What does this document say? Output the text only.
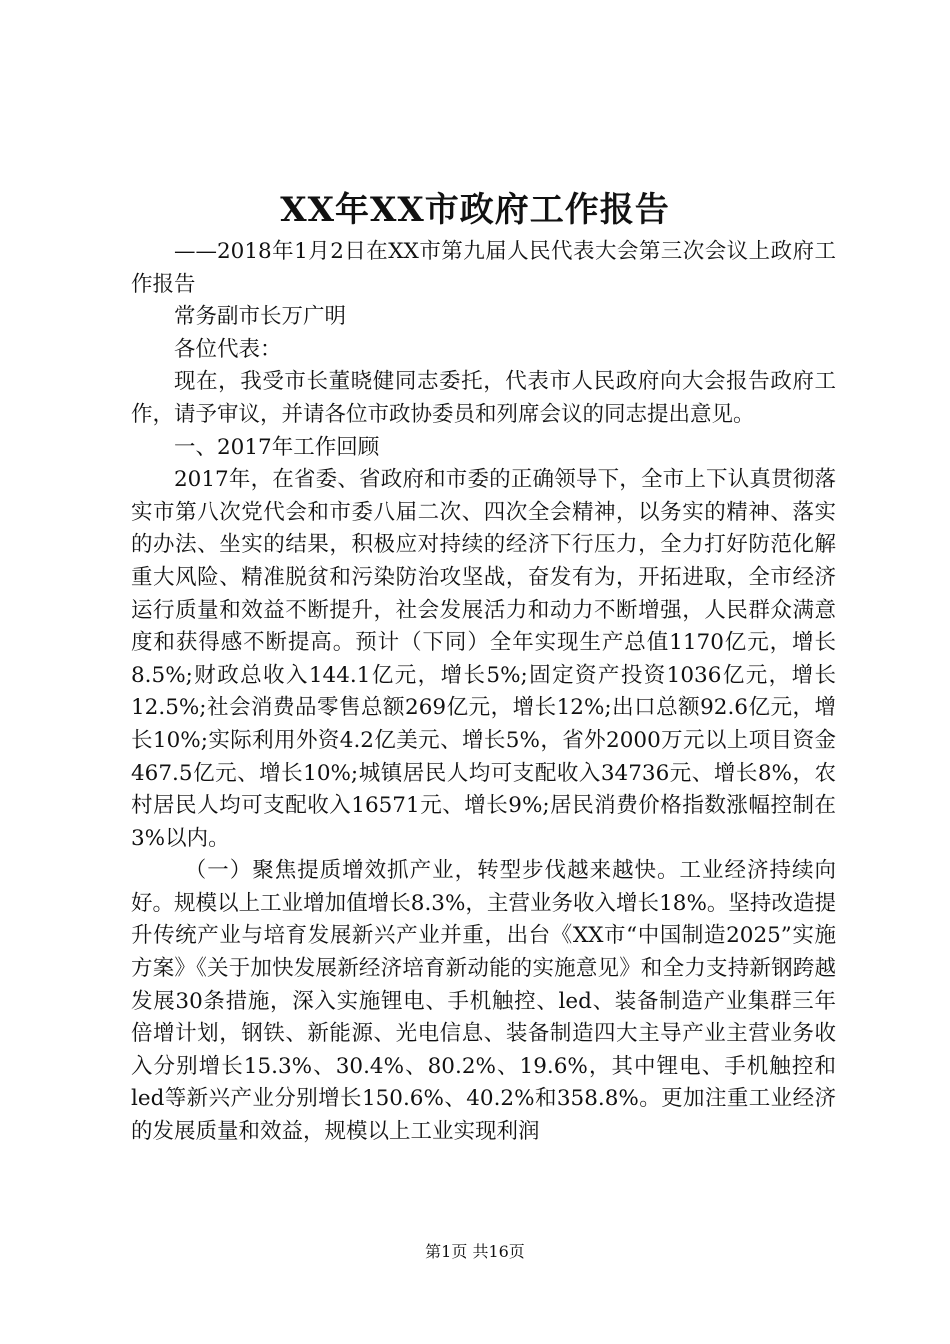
XX年XX市政府工作报告

——2018年1月2日在XX市第九届人民代表大会第三次会议上政府工作报告

常务副市长万广明

各位代表：

现在，我受市长董晓健同志委托，代表市人民政府向大会报告政府工作，请予审议，并请各位市政协委员和列席会议的同志提出意见。

一、2017年工作回顾

2017年，在省委、省政府和市委的正确领导下，全市上下认真贯彻落实市第八次党代会和市委八届二次、四次全会精神，以务实的精神、落实的办法、坐实的结果，积极应对持续的经济下行压力，全力打好防范化解重大风险、精准脱贫和污染防治攻坚战，奋发有为，开拓进取，全市经济运行质量和效益不断提升，社会发展活力和动力不断增强，人民群众满意度和获得感不断提高。预计（下同）全年实现生产总值1170亿元，增长8.5%;财政总收入144.1亿元，增长5%;固定资产投资1036亿元，增长12.5%;社会消费品零售总额269亿元，增长12%;出口总额92.6亿元，增长10%;实际利用外资4.2亿美元、增长5%，省外2000万元以上项目资金467.5亿元、增长10%;城镇居民人均可支配收入34736元、增长8%，农村居民人均可支配收入16571元、增长9%;居民消费价格指数涨幅控制在3%以内。

（一）聚焦提质增效抓产业，转型步伐越来越快。工业经济持续向好。规模以上工业增加值增长8.3%，主营业务收入增长18%。坚持改造提升传统产业与培育发展新兴产业并重，出台《XX市“中国制造2025”实施方案》《关于加快发展新经济培育新动能的实施意见》和全力支持新钢跨越发展30条措施，深入实施锂电、手机触控、led、装备制造产业集群三年倍增计划，钢铁、新能源、光电信息、装备制造四大主导产业主营业务收入分别增长15.3%、30.4%、80.2%、19.6%，其中锂电、手机触控和led等新兴产业分别增长150.6%、40.2%和358.8%。更加注重工业经济的发展质量和效益，规模以上工业实现利润

第1页 共16页
